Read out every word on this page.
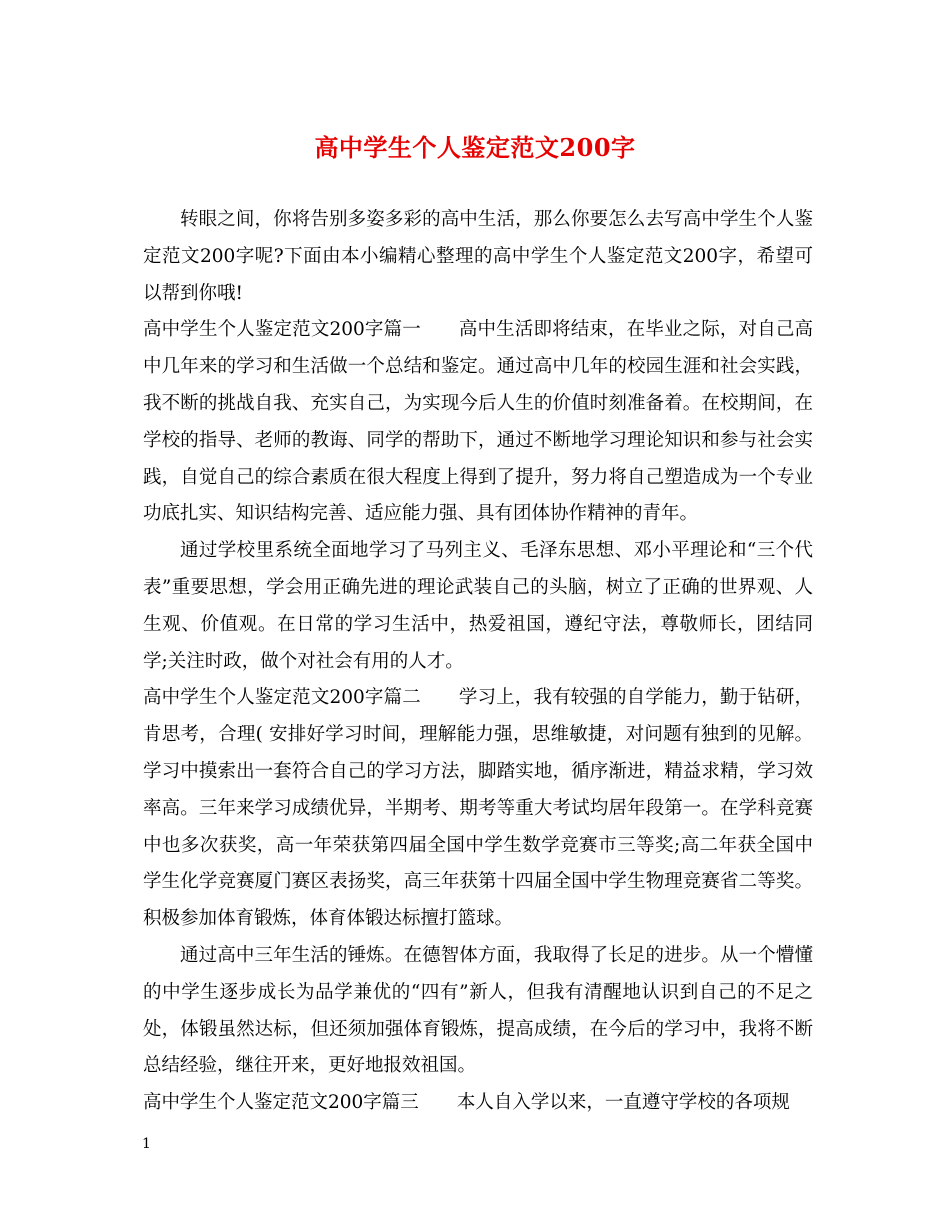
高中学生个人鉴定范文200字

转眼之间，你将告别多姿多彩的高中生活，那么你要怎么去写高中学生个人鉴定范文200字呢?下面由本小编精心整理的高中学生个人鉴定范文200字，希望可以帮到你哦!

高中学生个人鉴定范文200字篇一 高中生活即将结束，在毕业之际，对自己高中几年来的学习和生活做一个总结和鉴定。通过高中几年的校园生涯和社会实践，我不断的挑战自我、充实自己，为实现今后人生的价值时刻准备着。在校期间，在学校的指导、老师的教诲、同学的帮助下，通过不断地学习理论知识和参与社会实践，自觉自己的综合素质在很大程度上得到了提升，努力将自己塑造成为一个专业功底扎实、知识结构完善、适应能力强、具有团体协作精神的青年。

通过学校里系统全面地学习了马列主义、毛泽东思想、邓小平理论和“三个代表”重要思想，学会用正确先进的理论武装自己的头脑，树立了正确的世界观、人生观、价值观。在日常的学习生活中，热爱祖国，遵纪守法，尊敬师长，团结同学;关注时政，做个对社会有用的人才。

高中学生个人鉴定范文200字篇二 学习上，我有较强的自学能力，勤于钻研，肯思考，合理( 安排好学习时间，理解能力强，思维敏捷，对问题有独到的见解。学习中摸索出一套符合自己的学习方法，脚踏实地，循序渐进，精益求精，学习效率高。三年来学习成绩优异，半期考、期考等重大考试均居年段第一。在学科竞赛中也多次获奖，高一年荣获第四届全国中学生数学竞赛市三等奖;高二年获全国中学生化学竞赛厦门赛区表扬奖，高三年获第十四届全国中学生物理竞赛省二等奖。积极参加体育锻炼，体育体锻达标擅打篮球。

通过高中三年生活的锤炼。在德智体方面，我取得了长足的进步。从一个懵懂的中学生逐步成长为品学兼优的“四有”新人，但我有清醒地认识到自己的不足之处，体锻虽然达标，但还须加强体育锻炼，提高成绩，在今后的学习中，我将不断总结经验，继往开来，更好地报效祖国。

高中学生个人鉴定范文200字篇三 本人自入学以来，一直遵守学校的各项规

1
